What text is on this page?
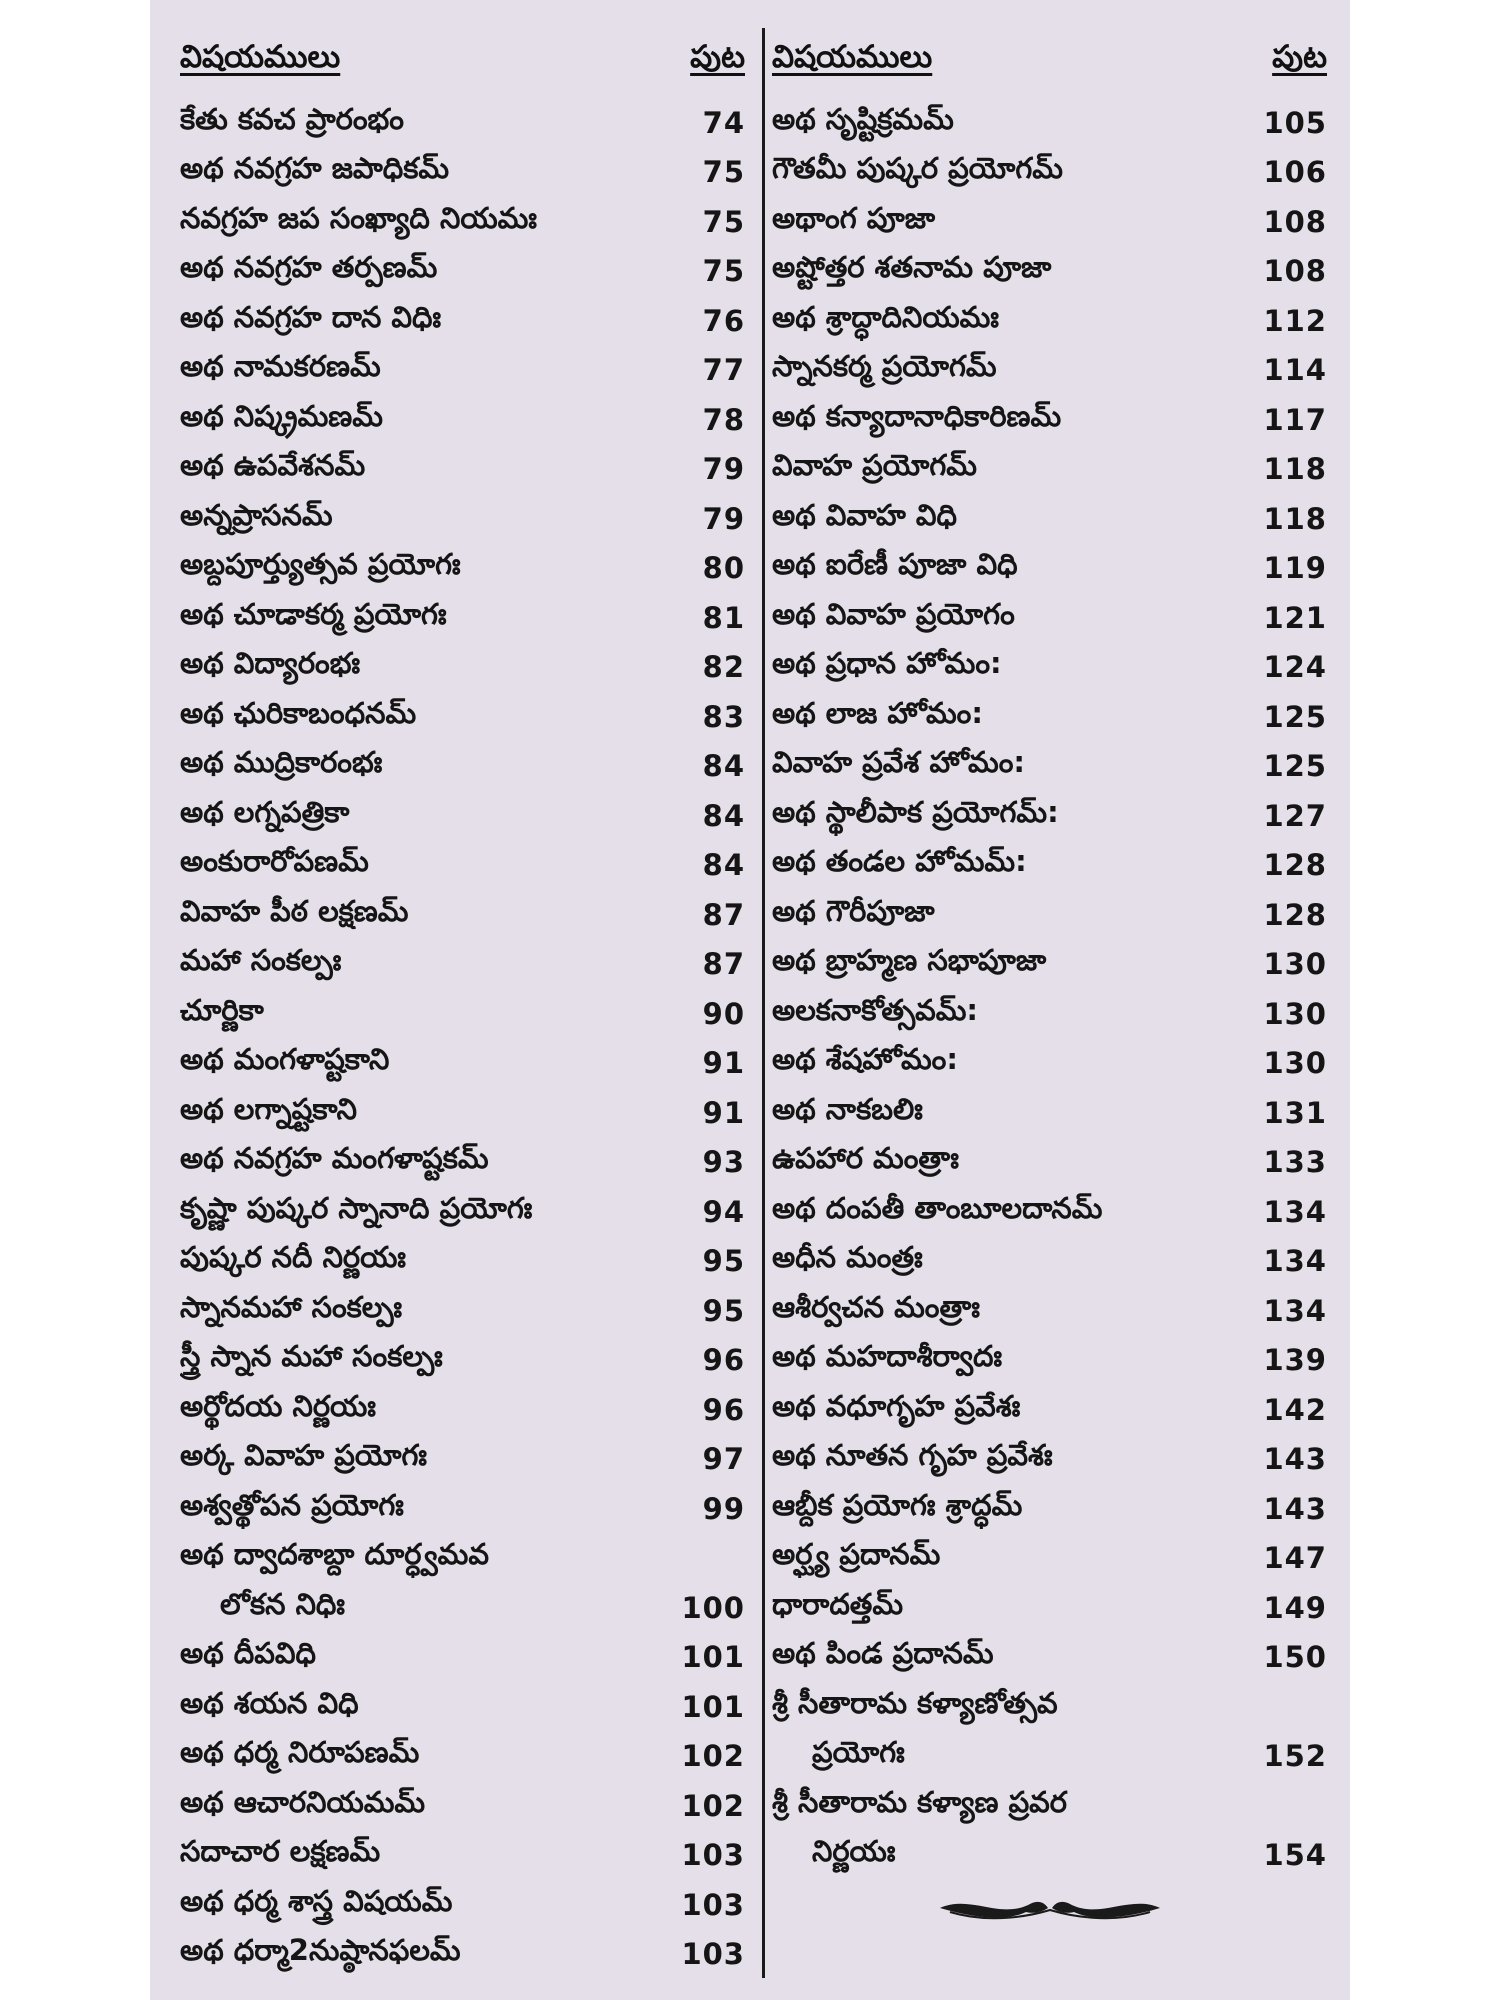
విషయములు	పుట
కేతు కవచ ప్రారంభం	74
అథ నవగ్రహ జపాధికమ్	75
నవగ్రహ జప సంఖ్యాది నియమః	75
అథ నవగ్రహ తర్పణమ్	75
అథ నవగ్రహ దాన విధిః	76
అథ నామకరణమ్	77
అథ నిష్క్రమణమ్	78
అథ ఉపవేశనమ్	79
అన్నప్రాసనమ్	79
అబ్దపూర్త్యుత్సవ ప్రయోగః	80
అథ చూడాకర్మ ప్రయోగః	81
అథ విద్యారంభః	82
అథ ఛురికాబంధనమ్	83
అథ ముద్రికారంభః	84
అథ లగ్నపత్రికా	84
అంకురారోపణమ్	84
వివాహ పీఠ లక్షణమ్	87
మహా సంకల్పః	87
చూర్ణికా	90
అథ మంగళాష్టకాని	91
అథ లగ్నాష్టకాని	91
అథ నవగ్రహ మంగళాష్టకమ్	93
కృష్ణా పుష్కర స్నానాది ప్రయోగః	94
పుష్కర నదీ నిర్ణయః	95
స్నానమహా సంకల్పః	95
స్త్రీ స్నాన మహా సంకల్పః	96
అర్థోదయ నిర్ణయః	96
అర్క వివాహ ప్రయోగః	97
అశ్వత్థోపన ప్రయోగః	99
అథ ద్వాదశాబ్దా దూర్ధ్వమవ
లోకన నిధిః	100
అథ దీపవిధి	101
అథ శయన విధి	101
అథ ధర్మ నిరూపణమ్	102
అథ ఆచారనియమమ్	102
సదాచార లక్షణమ్	103
అథ ధర్మ శాస్త్ర విషయమ్	103
అథ ధర్మా2నుష్ఠానఫలమ్	103
విషయములు	పుట
అథ సృష్టిక్రమమ్	105
గౌతమీ పుష్కర ప్రయోగమ్	106
అథాంగ పూజా	108
అష్టోత్తర శతనామ పూజా	108
అథ శ్రాద్ధాదినియమః	112
స్నానకర్మ ప్రయోగమ్	114
అథ కన్యాదానాధికారిణమ్	117
వివాహ ప్రయోగమ్	118
అథ వివాహ విధి	118
అథ ఐరేణీ పూజా విధి	119
అథ వివాహ ప్రయోగం	121
అథ ప్రధాన హోమం:	124
అథ లాజ హోమం:	125
వివాహ ప్రవేశ హోమం:	125
అథ స్థాలీపాక ప్రయోగమ్:	127
అథ తండల హోమమ్:	128
అథ గౌరీపూజా	128
అథ బ్రాహ్మణ సభాపూజా	130
అలకనాకోత్సవమ్:	130
అథ శేషహోమం:	130
అథ నాకబలిః	131
ఉపహార మంత్రాః	133
అథ దంపతీ తాంబూలదానమ్	134
అధీన మంత్రః	134
ఆశీర్వచన మంత్రాః	134
అథ మహదాశీర్వాదః	139
అథ వధూగృహ ప్రవేశః	142
అథ నూతన గృహ ప్రవేశః	143
ఆబ్దీక ప్రయోగః శ్రాద్ధమ్	143
అర్ఘ్య ప్రదానమ్	147
ధారాదత్తమ్	149
అథ పిండ ప్రదానమ్	150
శ్రీ సీతారామ కళ్యాణోత్సవ
ప్రయోగః	152
శ్రీ సీతారామ కళ్యాణ ప్రవర
నిర్ణయః	154
